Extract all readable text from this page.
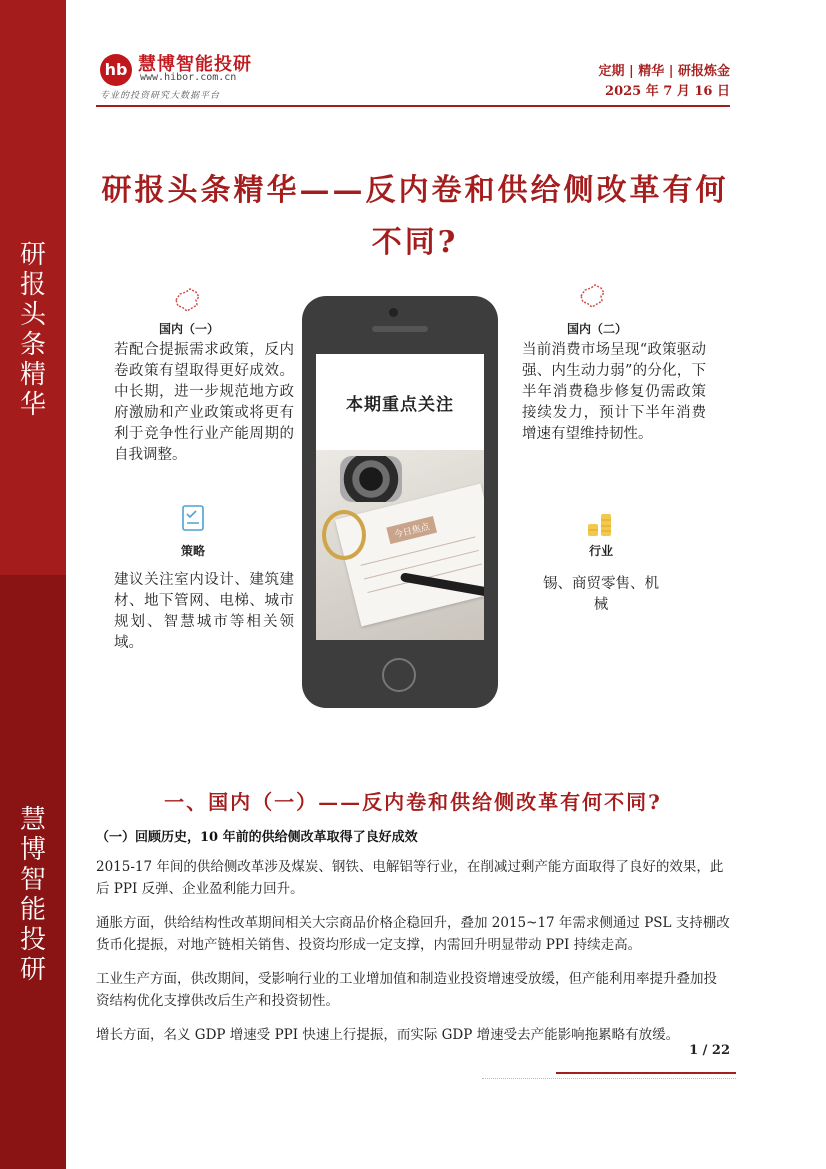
研报头条精华
慧博智能投研
hb 慧博智能投研
www.hibor.com.cn
专业的投资研究大数据平台
定期 | 精华 | 研报炼金
2025 年 7 月 16 日
研报头条精华——反内卷和供给侧改革有何不同?
国内（一）
若配合提振需求政策，反内卷政策有望取得更好成效。中长期，进一步规范地方政府激励和产业政策或将更有利于竞争性行业产能周期的自我调整。
国内（二）
当前消费市场呈现“政策驱动强、内生动力弱”的分化，下半年消费稳步修复仍需政策接续发力，预计下半年消费增速有望维持韧性。
策略
建议关注室内设计、建筑建材、地下管网、电梯、城市规划、智慧城市等相关领域。
行业
锡、商贸零售、机械
本期重点关注
今日焦点
一、国内（一）——反内卷和供给侧改革有何不同?
（一）回顾历史，10 年前的供给侧改革取得了良好成效
2015-17 年间的供给侧改革涉及煤炭、钢铁、电解铝等行业，在削减过剩产能方面取得了良好的效果，此后 PPI 反弹、企业盈利能力回升。
通胀方面，供给结构性改革期间相关大宗商品价格企稳回升，叠加 2015~17 年需求侧通过 PSL 支持棚改货币化提振，对地产链相关销售、投资均形成一定支撑，内需回升明显带动 PPI 持续走高。
工业生产方面，供改期间，受影响行业的工业增加值和制造业投资增速受放缓，但产能利用率提升叠加投资结构优化支撑供改后生产和投资韧性。
增长方面，名义 GDP 增速受 PPI 快速上行提振，而实际 GDP 增速受去产能影响拖累略有放缓。
1 / 22
